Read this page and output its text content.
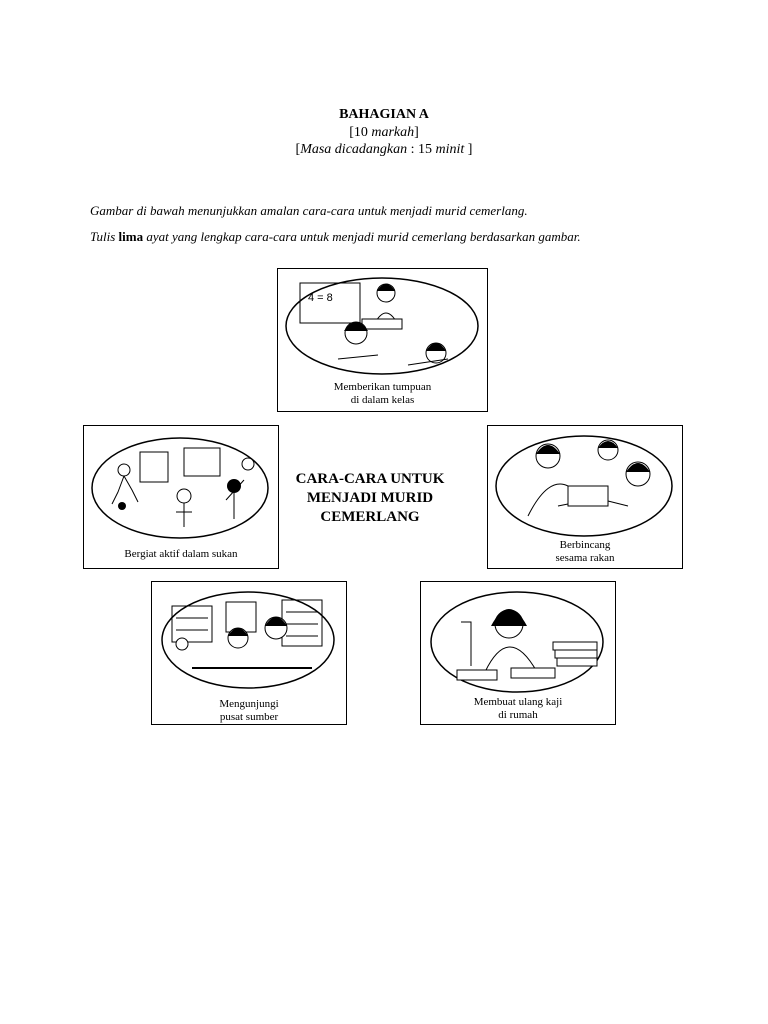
BAHAGIAN A
[10 markah]
[Masa dicadangkan : 15 minit ]
Gambar di bawah menunjukkan amalan cara-cara untuk menjadi murid cemerlang.
Tulis lima ayat yang lengkap cara-cara untuk menjadi murid cemerlang berdasarkan gambar.
4 = 8
Memberikan tumpuan
di dalam kelas
Bergiat aktif dalam sukan
CARA-CARA UNTUK
MENJADI MURID
CEMERLANG
Berbincang
sesama rakan
Mengunjungi
pusat sumber
Membuat ulang kaji
di rumah
